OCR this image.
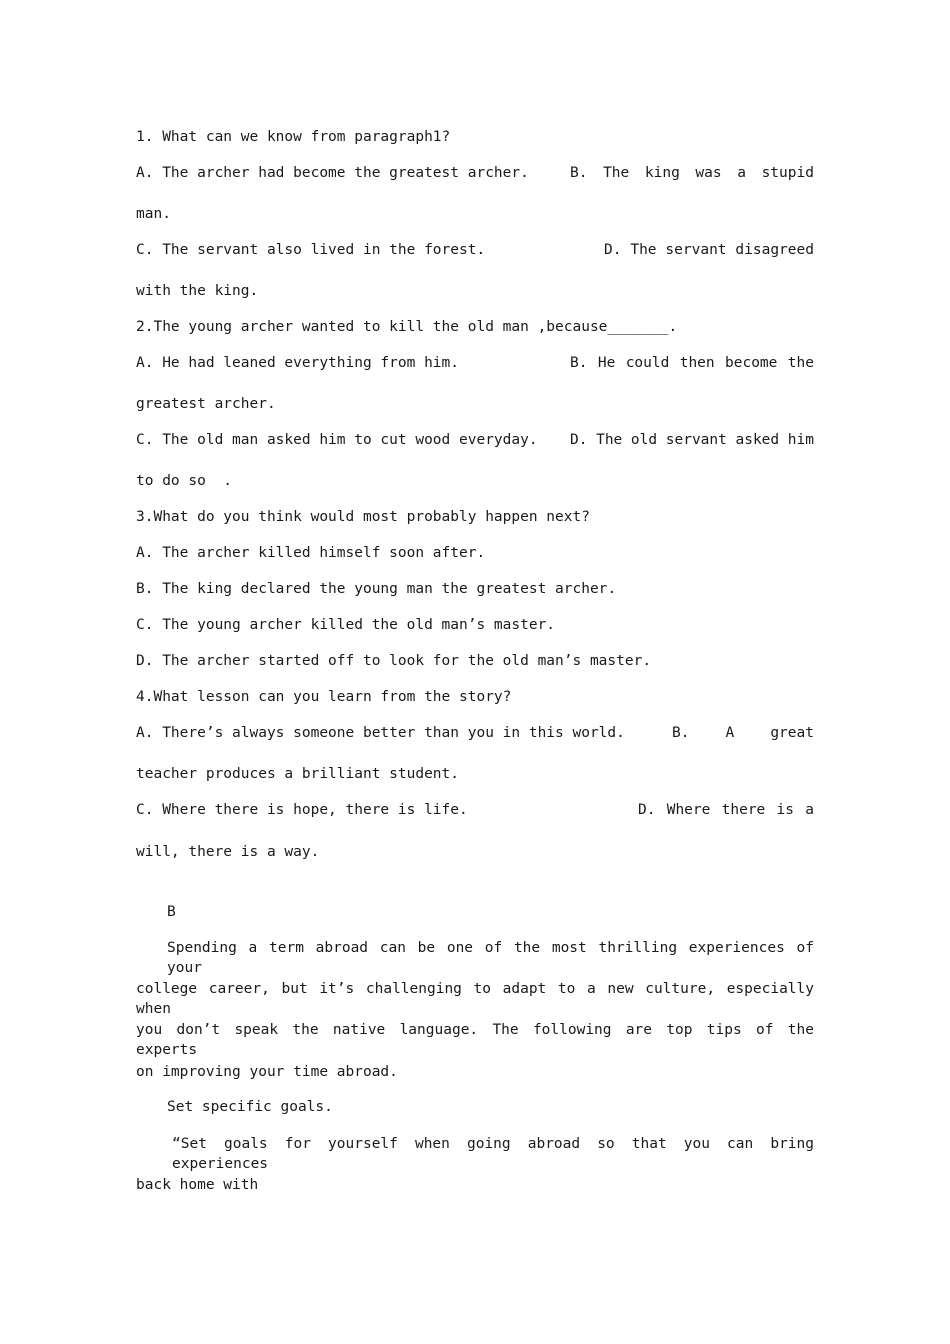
1. What can we know from paragraph1?
A. The archer had become the greatest archer.	B. The king was a stupid
man.
C. The servant also lived in the forest.	D. The servant disagreed
with the king.
2.The young archer wanted to kill the old man ,because_______.
A. He had leaned everything from him.	B. He could then become the
greatest archer.
C. The old man asked him to cut wood everyday. D. The old servant asked him
to do so  .
3.What do you think would most probably happen next?
A. The archer killed himself soon after.
B. The king declared the young man the greatest archer.
C. The young archer killed the old man’s master.
D. The archer started off to look for the old man’s master.
4.What lesson can you learn from the story?
A. There’s always someone better than you in this world.	B. A great
teacher produces a brilliant student.
C. Where there is hope, there is life.	D. Where there is a
will, there is a way.
B
Spending a term abroad can be one of the most thrilling experiences of your
college career, but it’s challenging to adapt to a new culture, especially when
you don’t speak the native language. The following are top tips of the experts
on improving your time abroad.
Set specific goals.
“Set goals for yourself when going abroad so that you can bring experiences
back home with
